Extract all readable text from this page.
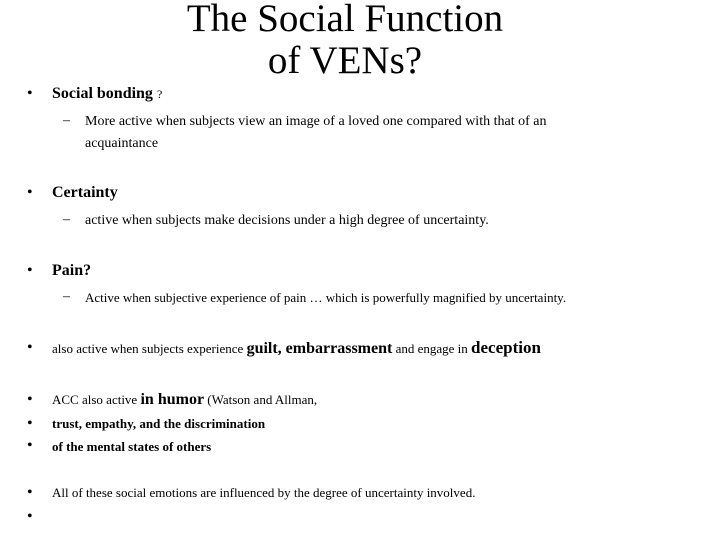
The Social Function
of VENs?
• Social bonding ?
– More active when subjects view an image of a loved one compared with that of an
acquaintance
• Certainty
– active when subjects make decisions under a high degree of uncertainty.
• Pain?
– Active when subjective experience of pain … which is powerfully magnified by uncertainty.
• also active when subjects experience guilt, embarrassment and engage in deception
• ACC also active in humor (Watson and Allman,
• trust, empathy, and the discrimination
• of the mental states of others
• All of these social emotions are influenced by the degree of uncertainty involved.
•
